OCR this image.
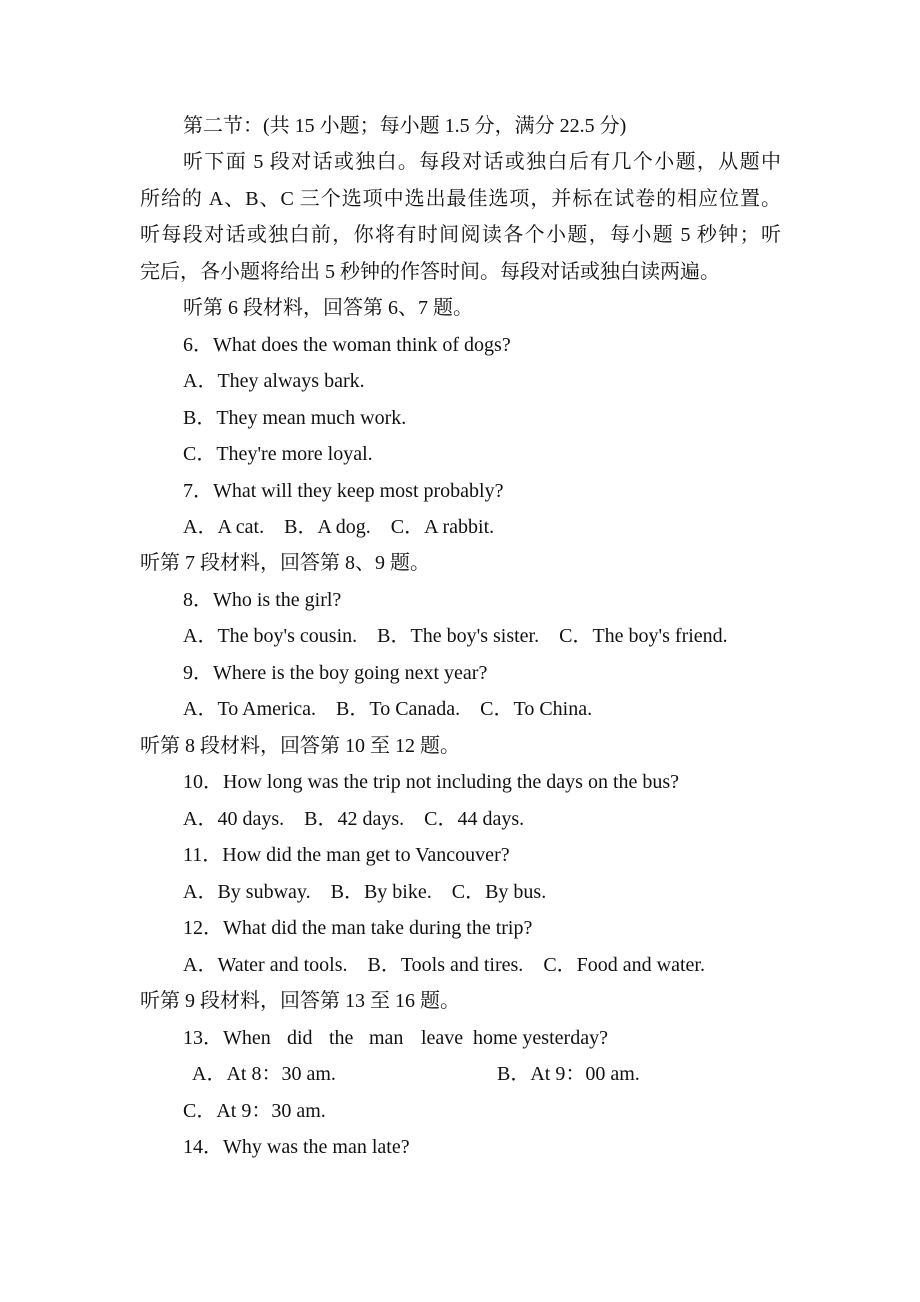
第二节：(共 15 小题；每小题 1.5 分，满分 22.5 分)
听下面 5 段对话或独白。每段对话或独白后有几个小题，从题中
所给的 A、B、C 三个选项中选出最佳选项，并标在试卷的相应位置。
听每段对话或独白前，你将有时间阅读各个小题，每小题 5 秒钟；听
完后，各小题将给出 5 秒钟的作答时间。每段对话或独白读两遍。
听第 6 段材料，回答第 6、7 题。
6．What does the woman think of dogs?
A．They always bark.
B．They mean much work.
C．They're more loyal.
7．What will they keep most probably?
A．A cat. B．A dog. C．A rabbit.
听第 7 段材料，回答第 8、9 题。
8．Who is the girl?
A．The boy's cousin. B．The boy's sister. C．The boy's friend.
9．Where is the boy going next year?
A．To America. B．To Canada. C．To China.
听第 8 段材料，回答第 10 至 12 题。
10．How long was the trip not including the days on the bus?
A．40 days. B．42 days. C．44 days.
11．How did the man get to Vancouver?
A．By subway. B．By bike. C．By bus.
12．What did the man take during the trip?
A．Water and tools. B．Tools and tires. C．Food and water.
听第 9 段材料，回答第 13 至 16 题。
13．When did the man leave home yesterday?
A．At 8：30 am.	B．At 9：00 am.
C．At 9：30 am.
14．Why was the man late?
